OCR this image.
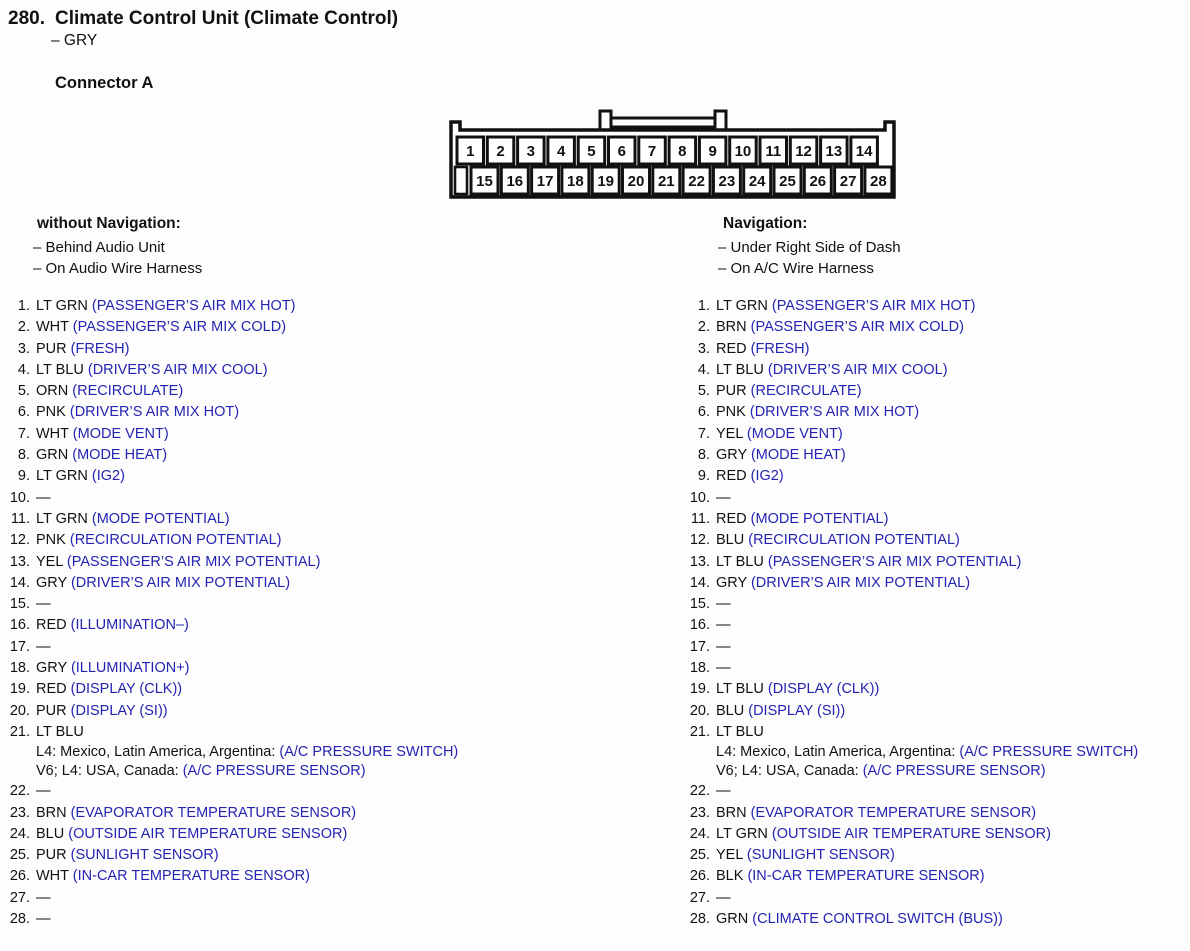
280. Climate Control Unit (Climate Control)
– GRY
Connector A
1 2 3 4 5 6 7 8 9 10 11 12 13 14
15 16 17 18 19 20 21 22 23 24 25 26 27 28
without Navigation:
– Behind Audio Unit
– On Audio Wire Harness
1. LT GRN (PASSENGER’S AIR MIX HOT)
2. WHT (PASSENGER’S AIR MIX COLD)
3. PUR (FRESH)
4. LT BLU (DRIVER’S AIR MIX COOL)
5. ORN (RECIRCULATE)
6. PNK (DRIVER’S AIR MIX HOT)
7. WHT (MODE VENT)
8. GRN (MODE HEAT)
9. LT GRN (IG2)
10. —
11. LT GRN (MODE POTENTIAL)
12. PNK (RECIRCULATION POTENTIAL)
13. YEL (PASSENGER’S AIR MIX POTENTIAL)
14. GRY (DRIVER’S AIR MIX POTENTIAL)
15. —
16. RED (ILLUMINATION–)
17. —
18. GRY (ILLUMINATION+)
19. RED (DISPLAY (CLK))
20. PUR (DISPLAY (SI))
21. LT BLU
L4: Mexico, Latin America, Argentina: (A/C PRESSURE SWITCH)
V6; L4: USA, Canada: (A/C PRESSURE SENSOR)
22. —
23. BRN (EVAPORATOR TEMPERATURE SENSOR)
24. BLU (OUTSIDE AIR TEMPERATURE SENSOR)
25. PUR (SUNLIGHT SENSOR)
26. WHT (IN-CAR TEMPERATURE SENSOR)
27. —
28. —
Navigation:
– Under Right Side of Dash
– On A/C Wire Harness
1. LT GRN (PASSENGER’S AIR MIX HOT)
2. BRN (PASSENGER’S AIR MIX COLD)
3. RED (FRESH)
4. LT BLU (DRIVER’S AIR MIX COOL)
5. PUR (RECIRCULATE)
6. PNK (DRIVER’S AIR MIX HOT)
7. YEL (MODE VENT)
8. GRY (MODE HEAT)
9. RED (IG2)
10. —
11. RED (MODE POTENTIAL)
12. BLU (RECIRCULATION POTENTIAL)
13. LT BLU (PASSENGER’S AIR MIX POTENTIAL)
14. GRY (DRIVER’S AIR MIX POTENTIAL)
15. —
16. —
17. —
18. —
19. LT BLU (DISPLAY (CLK))
20. BLU (DISPLAY (SI))
21. LT BLU
L4: Mexico, Latin America, Argentina: (A/C PRESSURE SWITCH)
V6; L4: USA, Canada: (A/C PRESSURE SENSOR)
22. —
23. BRN (EVAPORATOR TEMPERATURE SENSOR)
24. LT GRN (OUTSIDE AIR TEMPERATURE SENSOR)
25. YEL (SUNLIGHT SENSOR)
26. BLK (IN-CAR TEMPERATURE SENSOR)
27. —
28. GRN (CLIMATE CONTROL SWITCH (BUS))
